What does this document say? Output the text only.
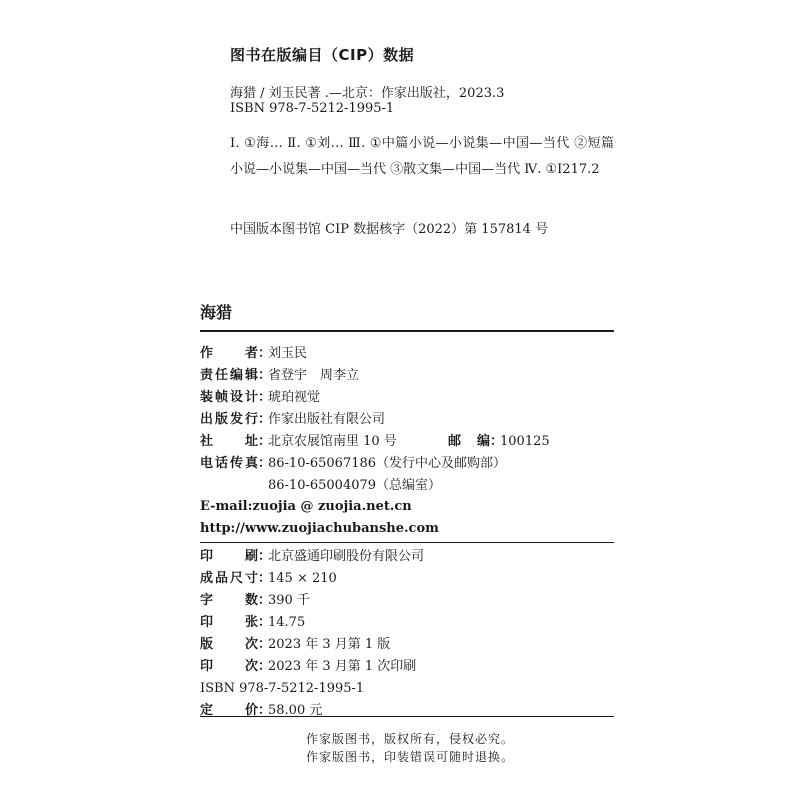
图书在版编目（CIP）数据
海猎 / 刘玉民著 .—北京：作家出版社，2023.3
ISBN 978-7-5212-1995-1
Ⅰ. ①海… Ⅱ. ①刘… Ⅲ. ①中篇小说—小说集—中国—当代 ②短篇小说—小说集—中国—当代 ③散文集—中国—当代 Ⅳ. ①I217.2
中国版本图书馆 CIP 数据核字（2022）第 157814 号
海猎
作者：刘玉民
责任编辑：省登宇　周李立
装帧设计：琥珀视觉
出版发行：作家出版社有限公司
社址：北京农展馆南里 10 号	邮编：100125
电话传真：86-10-65067186（发行中心及邮购部）
86-10-65004079（总编室）
E-mail:zuojia @ zuojia.net.cn
http://www.zuojiachubanshe.com
印刷：北京盛通印刷股份有限公司
成品尺寸：145 × 210
字数：390 千
印张：14.75
版次：2023 年 3 月第 1 版
印次：2023 年 3 月第 1 次印刷
ISBN 978-7-5212-1995-1
定价：58.00 元
作家版图书，版权所有，侵权必究。
作家版图书，印装错误可随时退换。
